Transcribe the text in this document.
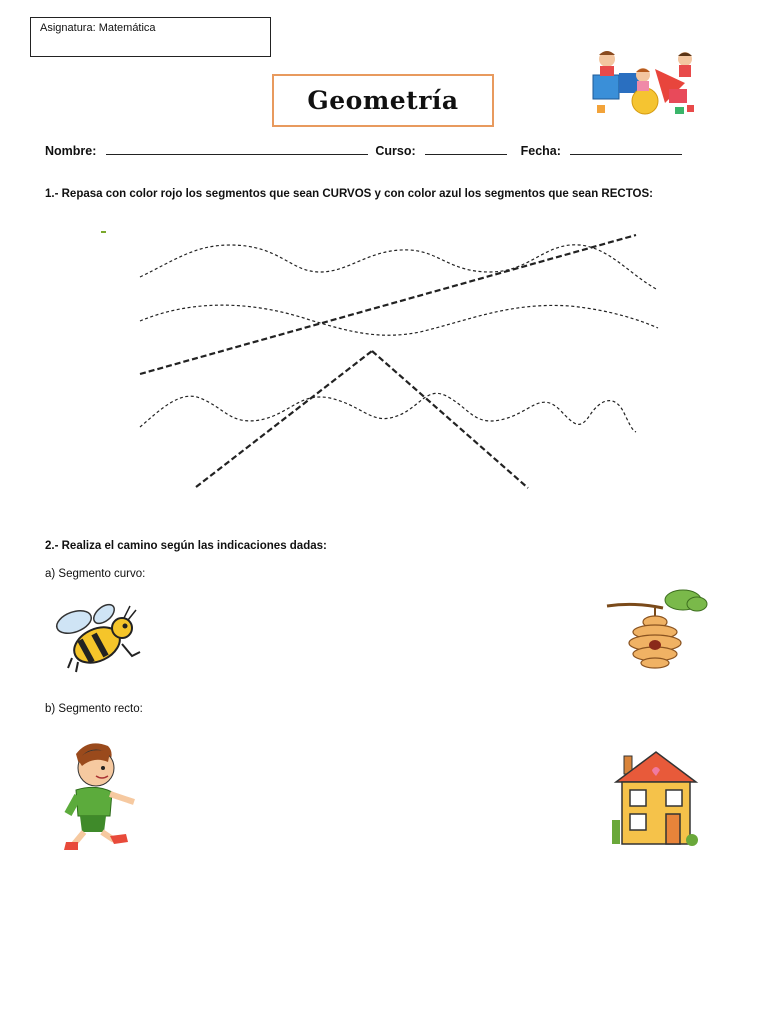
Asignatura: Matemática
Geometría
Nombre:	Curso:	Fecha:
1.- Repasa con color rojo los segmentos que sean CURVOS y con color azul los segmentos que sean RECTOS:
2.- Realiza el camino según las indicaciones dadas:
a) Segmento curvo:
b) Segmento recto:
